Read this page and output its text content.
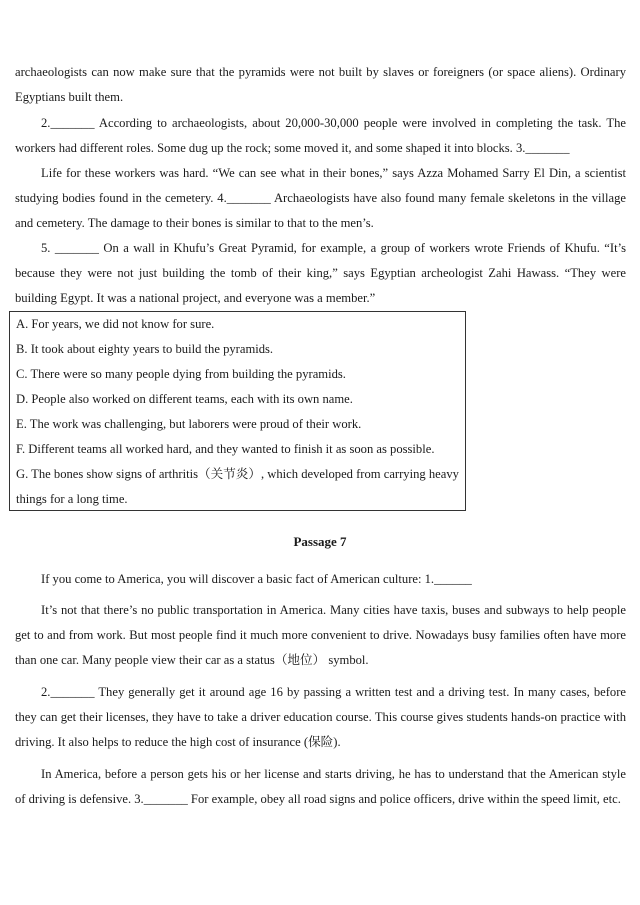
archaeologists can now make sure that the pyramids were not built by slaves or foreigners (or space aliens). Ordinary Egyptians built them.

2._______ According to archaeologists, about 20,000-30,000 people were involved in completing the task. The workers had different roles. Some dug up the rock; some moved it, and some shaped it into blocks. 3._______

Life for these workers was hard. “We can see what in their bones,” says Azza Mohamed Sarry El Din, a scientist studying bodies found in the cemetery. 4._______ Archaeologists have also found many female skeletons in the village and cemetery. The damage to their bones is similar to that to the men’s.

5. _______ On a wall in Khufu’s Great Pyramid, for example, a group of workers wrote Friends of Khufu. “It’s because they were not just building the tomb of their king,” says Egyptian archeologist Zahi Hawass. “They were building Egypt. It was a national project, and everyone was a member.”

A. For years, we did not know for sure.

B. It took about eighty years to build the pyramids.

C. There were so many people dying from building the pyramids.

D. People also worked on different teams, each with its own name.

E. The work was challenging, but laborers were proud of their work.

F. Different teams all worked hard, and they wanted to finish it as soon as possible.

G. The bones show signs of arthritis（关节炎）, which developed from carrying heavy

things for a long time.

Passage 7

If you come to America, you will discover a basic fact of American culture: 1.______

It’s not that there’s no public transportation in America. Many cities have taxis, buses and subways to help people get to and from work. But most people find it much more convenient to drive. Nowadays busy families often have more than one car. Many people view their car as a status（地位） symbol.

2._______ They generally get it around age 16 by passing a written test and a driving test. In many cases, before they can get their licenses, they have to take a driver education course. This course gives students hands-on practice with driving. It also helps to reduce the high cost of insurance (保险).

In America, before a person gets his or her license and starts driving, he has to understand that the American style of driving is defensive. 3._______ For example, obey all road signs and police officers, drive within the speed limit, etc.
